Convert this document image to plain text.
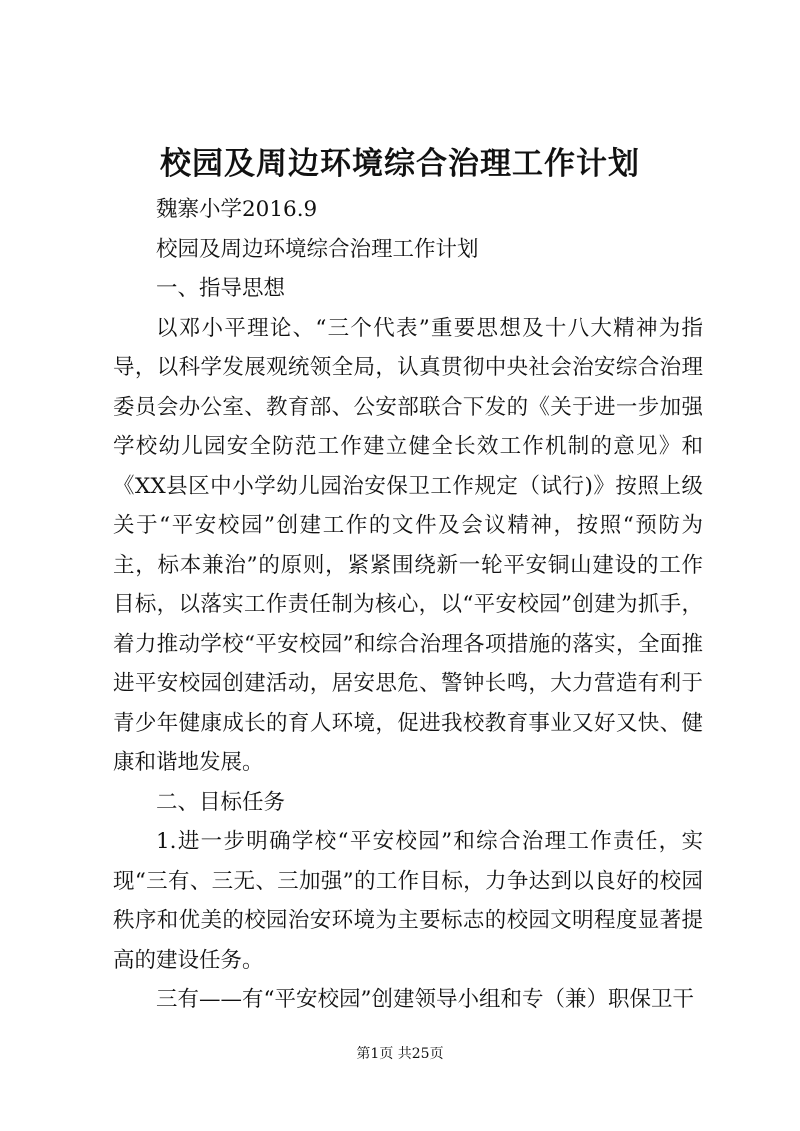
校园及周边环境综合治理工作计划

魏寨小学2016.9

校园及周边环境综合治理工作计划

一、指导思想

以邓小平理论、“三个代表”重要思想及十八大精神为指导，以科学发展观统领全局，认真贯彻中央社会治安综合治理委员会办公室、教育部、公安部联合下发的《关于进一步加强学校幼儿园安全防范工作建立健全长效工作机制的意见》和《XX县区中小学幼儿园治安保卫工作规定（试行)》按照上级关于“平安校园”创建工作的文件及会议精神，按照“预防为主，标本兼治”的原则，紧紧围绕新一轮平安铜山建设的工作目标，以落实工作责任制为核心，以“平安校园”创建为抓手，着力推动学校“平安校园”和综合治理各项措施的落实，全面推进平安校园创建活动，居安思危、警钟长鸣，大力营造有利于青少年健康成长的育人环境，促进我校教育事业又好又快、健康和谐地发展。

二、目标任务

1.进一步明确学校“平安校园”和综合治理工作责任，实现“三有、三无、三加强”的工作目标，力争达到以良好的校园秩序和优美的校园治安环境为主要标志的校园文明程度显著提高的建设任务。

三有——有“平安校园”创建领导小组和专（兼）职保卫干

第1页 共25页
